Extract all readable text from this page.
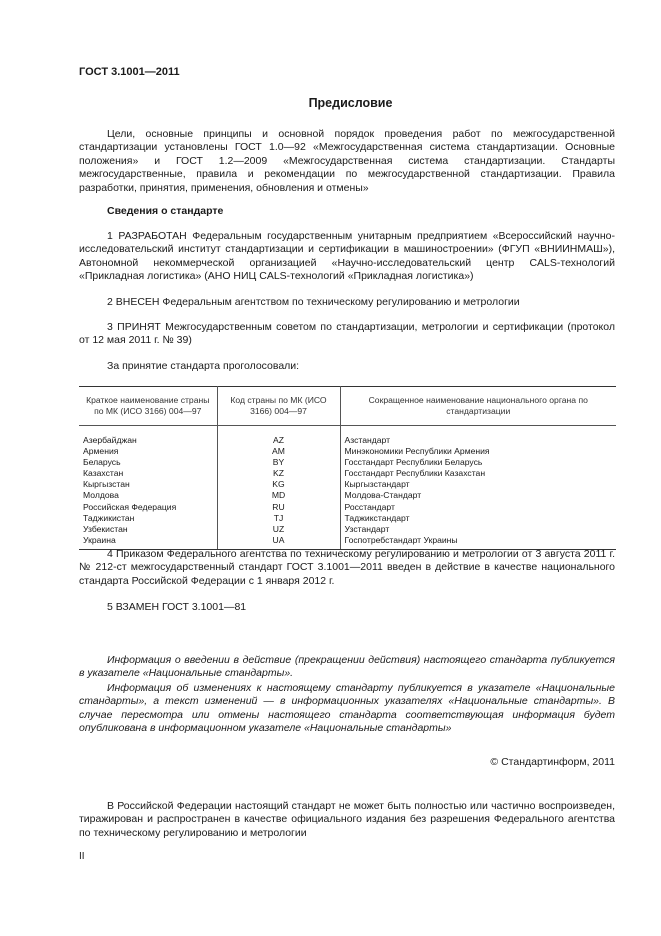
ГОСТ 3.1001—2011
Предисловие

Цели, основные принципы и основной порядок проведения работ по межгосударственной стандартизации установлены ГОСТ 1.0—92 «Межгосударственная система стандартизации. Основные положения» и ГОСТ 1.2—2009 «Межгосударственная система стандартизации. Стандарты межгосударственные, правила и рекомендации по межгосударственной стандартизации. Правила разработки, принятия, применения, обновления и отмены»

Сведения о стандарте

1 РАЗРАБОТАН Федеральным государственным унитарным предприятием «Всероссийский научно-исследовательский институт стандартизации и сертификации в машиностроении» (ФГУП «ВНИИНМАШ»), Автономной некоммерческой организацией «Научно-исследовательский центр CALS-технологий «Прикладная логистика» (АНО НИЦ CALS-технологий «Прикладная логистика»)

2 ВНЕСЕН Федеральным агентством по техническому регулированию и метрологии

3 ПРИНЯТ Межгосударственным советом по стандартизации, метрологии и сертификации (протокол от 12 мая 2011 г. № 39)

За принятие стандарта проголосовали:

Краткое наименование страны по МК (ИСО 3166) 004—97	Код страны по МК (ИСО 3166) 004—97	Сокращенное наименование национального органа по стандартизации
Азербайджан	AZ	Азстандарт
Армения	AM	Минэкономики Республики Армения
Беларусь	BY	Госстандарт Республики Беларусь
Казахстан	KZ	Госстандарт Республики Казахстан
Кыргызстан	KG	Кыргызстандарт
Молдова	MD	Молдова-Стандарт
Российская Федерация	RU	Росстандарт
Таджикистан	TJ	Таджикстандарт
Узбекистан	UZ	Узстандарт
Украина	UA	Госпотребстандарт Украины

4 Приказом Федерального агентства по техническому регулированию и метрологии от 3 августа 2011 г. № 212-ст межгосударственный стандарт ГОСТ 3.1001—2011 введен в действие в качестве национального стандарта Российской Федерации с 1 января 2012 г.

5 ВЗАМЕН ГОСТ 3.1001—81

Информация о введении в действие (прекращении действия) настоящего стандарта публикуется в указателе «Национальные стандарты».

Информация об изменениях к настоящему стандарту публикуется в указателе «Национальные стандарты», а текст изменений — в информационных указателях «Национальные стандарты». В случае пересмотра или отмены настоящего стандарта соответствующая информация будет опубликована в информационном указателе «Национальные стандарты»

© Стандартинформ, 2011

В Российской Федерации настоящий стандарт не может быть полностью или частично воспроизведен, тиражирован и распространен в качестве официального издания без разрешения Федерального агентства по техническому регулированию и метрологии

II
